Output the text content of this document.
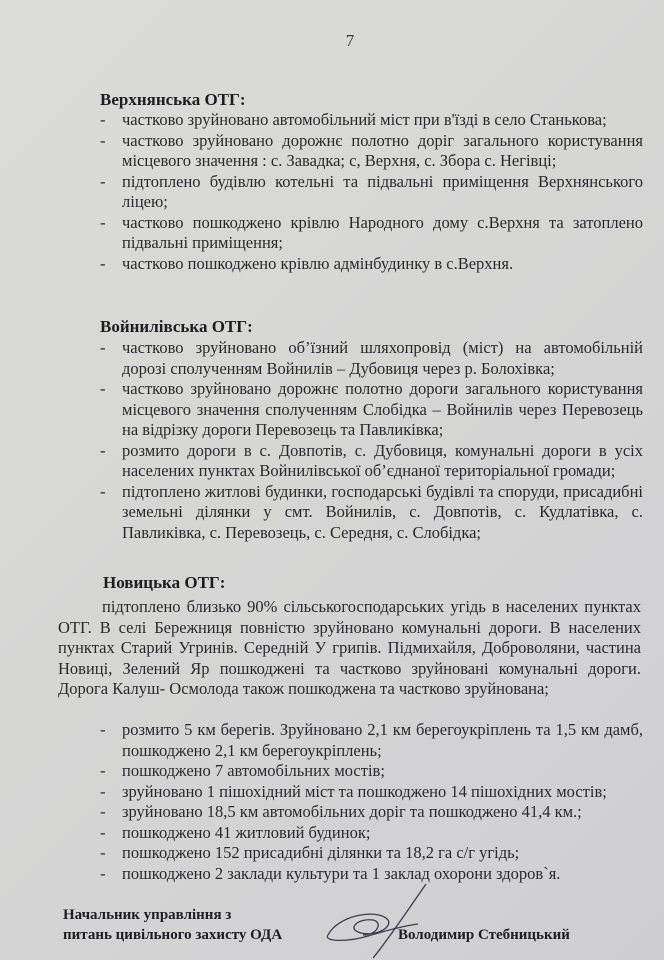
7
Верхнянська ОТГ:
- частково зруйновано автомобільний міст при в'їзді в село Станькова;
- частково зруйновано дорожнє полотно доріг загального користування місцевого значення : с. Завадка; с, Верхня, с. Збора с. Негівці;
- підтоплено будівлю котельні та підвальні приміщення Верхнянського ліцею;
- частково пошкоджено крівлю Народного дому с.Верхня та затоплено підвальні приміщення;
- частково пошкоджено крівлю адмінбудинку в с.Верхня.
Войнилівська ОТГ:
- частково зруйновано об’їзний шляхопровід (міст) на автомобільній дорозі сполученням Войнилів – Дубовиця через р. Болохівка;
- частково зруйновано дорожнє полотно дороги загального користування місцевого значення сполученням Слобідка – Войнилів через Перевозець на відрізку дороги Перевозець та Павликівка;
- розмито дороги в с. Довпотів, с. Дубовиця, комунальні дороги в усіх населених пунктах Войнилівської об’єднаної територіальної громади;
- підтоплено житлові будинки, господарські будівлі та споруди, присадибні земельні ділянки у смт. Войнилів, с. Довпотів, с. Кудлатівка, с. Павликівка, с. Перевозець, с. Середня, с. Слобідка;
Новицька ОТГ:
підтоплено близько 90% сільськогосподарських угідь в населених пунктах ОТГ. В селі Бережниця повністю зруйновано комунальні дороги. В населених пунктах Старий Угринів. Середній У грипів. Підмихайля, Доброволяни, частина Новиці, Зелений Яр пошкоджені та частково зруйновані комунальні дороги. Дорога Калуш- Осмолода також пошкоджена та частково зруйнована;
- розмито 5 км берегів. Зруйновано 2,1 км берегоукріплень та 1,5 км дамб, пошкоджено 2,1 км берегоукріплень;
- пошкоджено 7 автомобільних мостів;
- зруйновано 1 пішохідний міст та пошкоджено 14 пішохідних мостів;
- зруйновано 18,5 км автомобільних доріг та пошкоджено 41,4 км.;
- пошкоджено 41 житловий будинок;
- пошкоджено 152 присадибні ділянки та 18,2 га с/г угідь;
- пошкоджено 2 заклади культури та 1 заклад охорони здоров`я.
Начальник управління з
питань цивільного захисту ОДА	Володимир Стебницький
